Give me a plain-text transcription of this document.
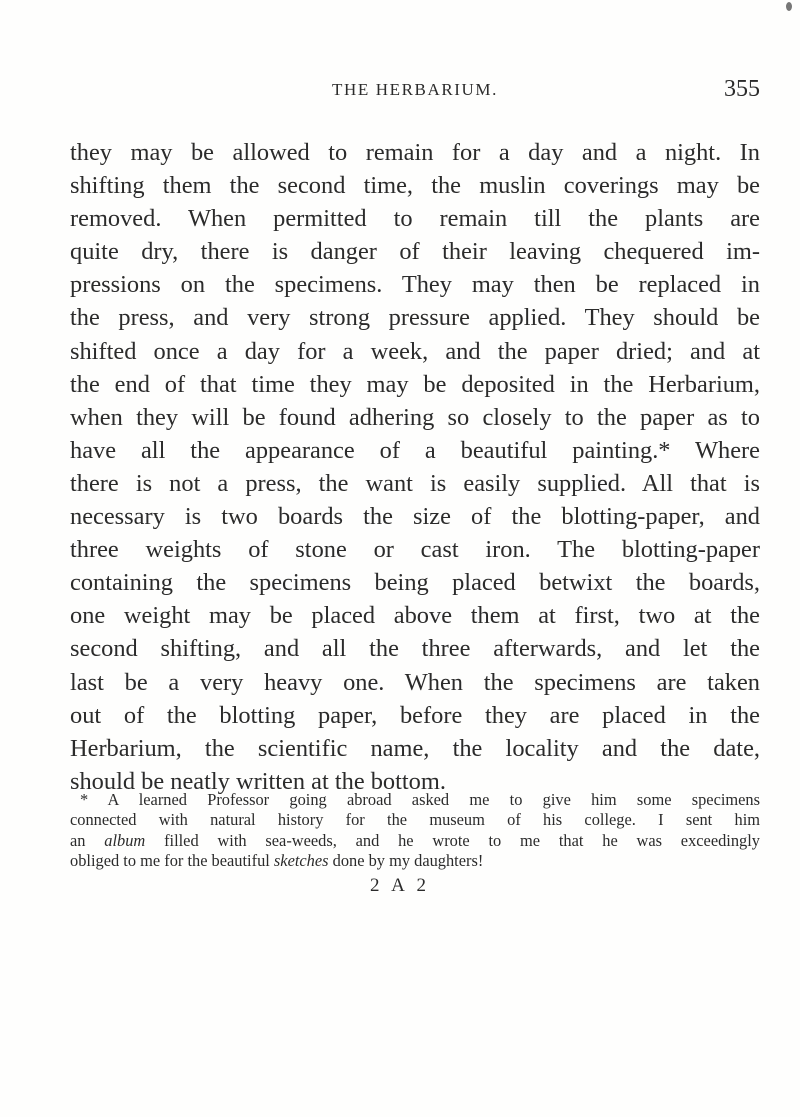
THE HERBARIUM.	355
they may be allowed to remain for a day and a night. In
shifting them the second time, the muslin coverings may be
removed. When permitted to remain till the plants are
quite dry, there is danger of their leaving chequered im-
pressions on the specimens. They may then be replaced in
the press, and very strong pressure applied. They should be
shifted once a day for a week, and the paper dried; and at
the end of that time they may be deposited in the Herbarium,
when they will be found adhering so closely to the paper as to
have all the appearance of a beautiful painting.* Where
there is not a press, the want is easily supplied. All that is
necessary is two boards the size of the blotting-paper, and
three weights of stone or cast iron. The blotting-paper
containing the specimens being placed betwixt the boards,
one weight may be placed above them at first, two at the
second shifting, and all the three afterwards, and let the
last be a very heavy one. When the specimens are taken
out of the blotting paper, before they are placed in the
Herbarium, the scientific name, the locality and the date,
should be neatly written at the bottom.
* A learned Professor going abroad asked me to give him some specimens
connected with natural history for the museum of his college. I sent him
an album filled with sea-weeds, and he wrote to me that he was exceedingly
obliged to me for the beautiful sketches done by my daughters!
2 A 2
